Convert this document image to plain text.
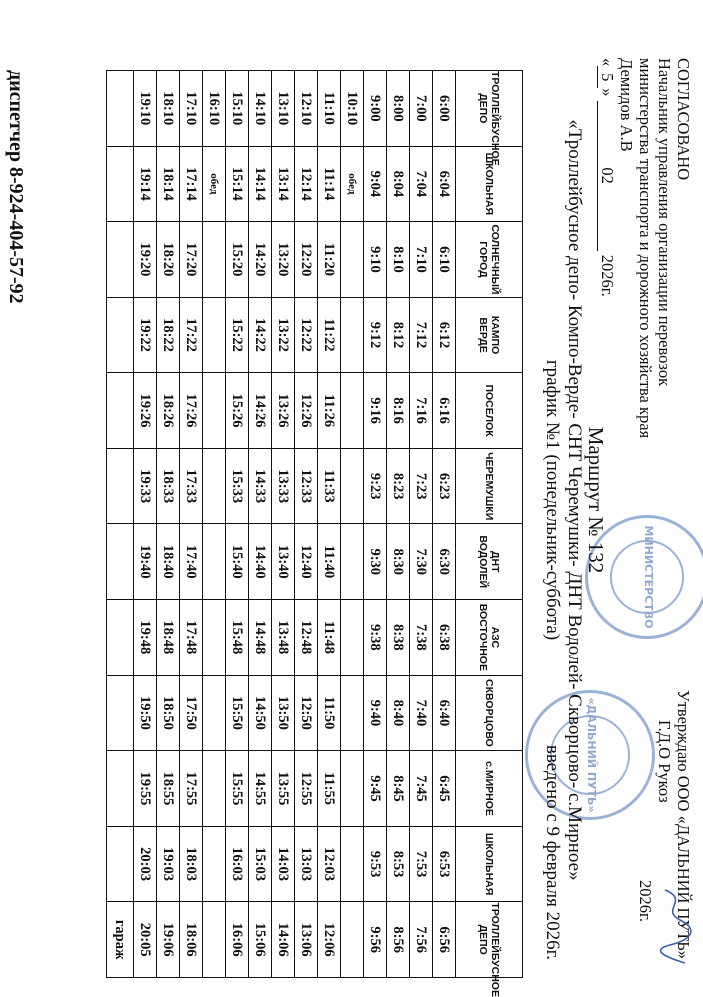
МИНИСТЕРСТВО
«ДАЛЬНИЙ ПУТЬ»
СОГЛАСОВАНО
Начальник управления организации перевозок
министерства транспорта и дорожного хозяйства края
Демидов А.В
«5» 02 2026г.
Утверждаю ООО «ДАЛЬНИЙ ПУТЬ»
Г.Д.О Рукоз
2026г.
Маршрут № 132
«Троллейбусное депо- Компо-Верде- СНТ Черемушки- ДНТ Водолей- Скворцово- с.Мирное»
график №1 (понедельник-суббота)
введено с 9 февраля 2026г.
ТРОЛЛЕЙБУСНОЕ ДЕПО	ШКОЛЬНАЯ	СОЛНЕЧНЫЙ ГОРОД	КАМПО ВЕРДЕ	ПОСЕЛОК	ЧЕРЕМУШКИ	ДНТ ВОДОЛЕЙ	АЗС ВОСТОЧНОЕ	СКВОРЦОВО	с.МИРНОЕ	ШКОЛЬНАЯ	ТРОЛЛЕЙБУСНОЕ ДЕПО
6:00	6:04	6:10	6:12	6:16	6:23	6:30	6:38	6:40	6:45	6:53	6:56
7:00	7:04	7:10	7:12	7:16	7:23	7:30	7:38	7:40	7:45	7:53	7:56
8:00	8:04	8:10	8:12	8:16	8:23	8:30	8:38	8:40	8:45	8:53	8:56
9:00	9:04	9:10	9:12	9:16	9:23	9:30	9:38	9:40	9:45	9:53	9:56
10:10	обед										
11:10	11:14	11:20	11:22	11:26	11:33	11:40	11:48	11:50	11:55	12:03	12:06
12:10	12:14	12:20	12:22	12:26	12:33	12:40	12:48	12:50	12:55	13:03	13:06
13:10	13:14	13:20	13:22	13:26	13:33	13:40	13:48	13:50	13:55	14:03	14:06
14:10	14:14	14:20	14:22	14:26	14:33	14:40	14:48	14:50	14:55	15:03	15:06
15:10	15:14	15:20	15:22	15:26	15:33	15:40	15:48	15:50	15:55	16:03	16:06
16:10	обед										
17:10	17:14	17:20	17:22	17:26	17:33	17:40	17:48	17:50	17:55	18:03	18:06
18:10	18:14	18:20	18:22	18:26	18:33	18:40	18:48	18:50	18:55	19:03	19:06
19:10	19:14	19:20	19:22	19:26	19:33	19:40	19:48	19:50	19:55	20:03	20:05
											гараж
диспетчер 8-924-404-57-92
